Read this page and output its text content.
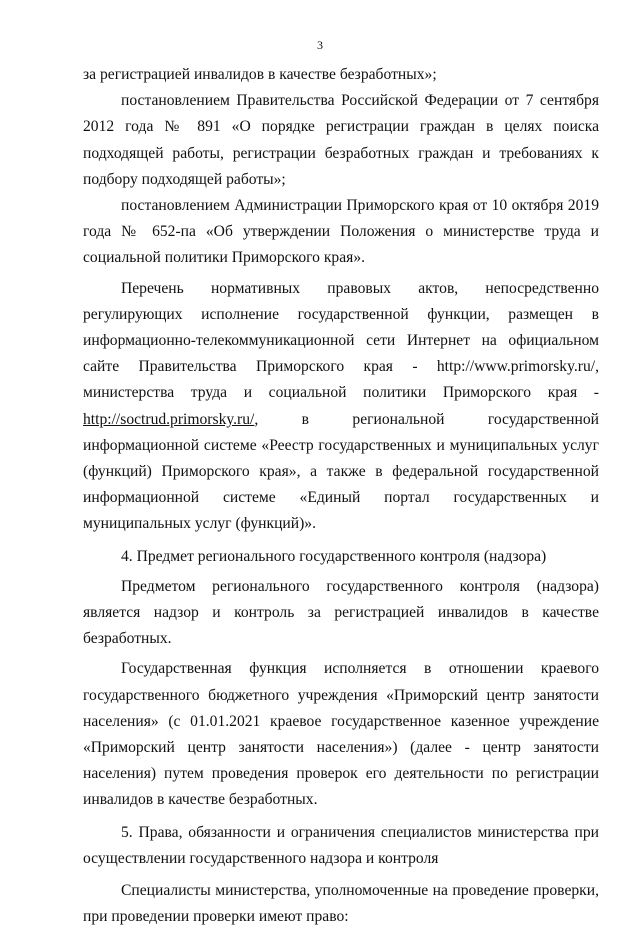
3

за регистрацией инвалидов в качестве безработных»;

постановлением Правительства Российской Федерации от 7 сентября 2012 года № 891 «О порядке регистрации граждан в целях поиска подходящей работы, регистрации безработных граждан и требованиях к подбору подходящей работы»;

постановлением Администрации Приморского края от 10 октября 2019 года № 652-па «Об утверждении Положения о министерстве труда и социальной политики Приморского края».

Перечень нормативных правовых актов, непосредственно регулирующих исполнение государственной функции, размещен в информационно-телекоммуникационной сети Интернет на официальном сайте Правительства Приморского края - http://www.primorsky.ru/, министерства труда и социальной политики Приморского края - http://soctrud.primorsky.ru/, в региональной государственной информационной системе «Реестр государственных и муниципальных услуг (функций) Приморского края», а также в федеральной государственной информационной системе «Единый портал государственных и муниципальных услуг (функций)».

4. Предмет регионального государственного контроля (надзора)

Предметом регионального государственного контроля (надзора) является надзор и контроль за регистрацией инвалидов в качестве безработных.

Государственная функция исполняется в отношении краевого государственного бюджетного учреждения «Приморский центр занятости населения» (с 01.01.2021 краевое государственное казенное учреждение «Приморский центр занятости населения») (далее - центр занятости населения) путем проведения проверок его деятельности по регистрации инвалидов в качестве безработных.

5. Права, обязанности и ограничения специалистов министерства при осуществлении государственного надзора и контроля

Специалисты министерства, уполномоченные на проведение проверки, при проведении проверки имеют право:
